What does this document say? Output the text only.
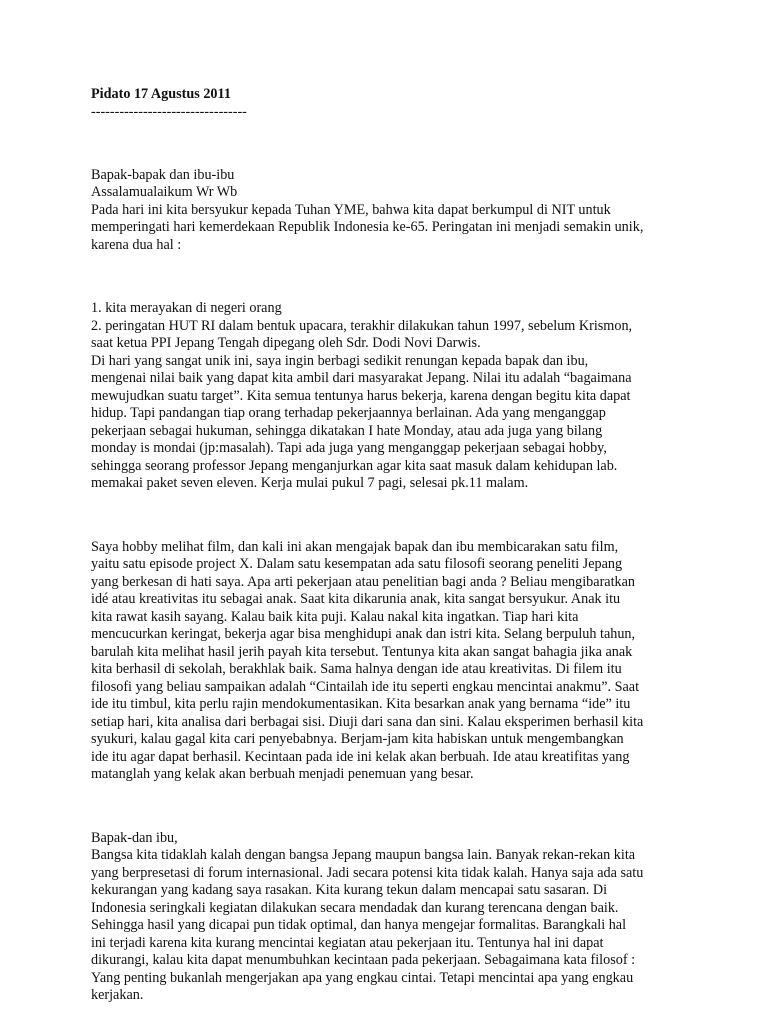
Pidato 17 Agustus 2011

---------------------------------

Bapak-bapak dan ibu-ibu

Assalamualaikum Wr Wb

Pada hari ini kita bersyukur kepada Tuhan YME, bahwa kita dapat berkumpul di NIT untuk

memperingati hari kemerdekaan Republik Indonesia ke-65. Peringatan ini menjadi semakin unik,

karena dua hal :

1. kita merayakan di negeri orang

2. peringatan HUT RI dalam bentuk upacara, terakhir dilakukan tahun 1997, sebelum Krismon,

saat ketua PPI Jepang Tengah dipegang oleh Sdr. Dodi Novi Darwis.

Di hari yang sangat unik ini, saya ingin berbagi sedikit renungan kepada bapak dan ibu,

mengenai nilai baik yang dapat kita ambil dari masyarakat Jepang. Nilai itu adalah “bagaimana

mewujudkan suatu target”. Kita semua tentunya harus bekerja, karena dengan begitu kita dapat

hidup. Tapi pandangan tiap orang terhadap pekerjaannya berlainan. Ada yang menganggap

pekerjaan sebagai hukuman, sehingga dikatakan I hate Monday, atau ada juga yang bilang

monday is mondai (jp:masalah). Tapi ada juga yang menganggap pekerjaan sebagai hobby,

sehingga seorang professor Jepang menganjurkan agar kita saat masuk dalam kehidupan lab.

memakai paket seven eleven. Kerja mulai pukul 7 pagi, selesai pk.11 malam.

Saya hobby melihat film, dan kali ini akan mengajak bapak dan ibu membicarakan satu film,

yaitu satu episode project X. Dalam satu kesempatan ada satu filosofi seorang peneliti Jepang

yang berkesan di hati saya. Apa arti pekerjaan atau penelitian bagi anda ? Beliau mengibaratkan

idé atau kreativitas itu sebagai anak. Saat kita dikarunia anak, kita sangat bersyukur. Anak itu

kita rawat kasih sayang. Kalau baik kita puji. Kalau nakal kita ingatkan. Tiap hari kita

mencucurkan keringat, bekerja agar bisa menghidupi anak dan istri kita. Selang berpuluh tahun,

barulah kita melihat hasil jerih payah kita tersebut. Tentunya kita akan sangat bahagia jika anak

kita berhasil di sekolah, berakhlak baik. Sama halnya dengan ide atau kreativitas. Di filem itu

filosofi yang beliau sampaikan adalah “Cintailah ide itu seperti engkau mencintai anakmu”. Saat

ide itu timbul, kita perlu rajin mendokumentasikan. Kita besarkan anak yang bernama “ide” itu

setiap hari, kita analisa dari berbagai sisi. Diuji dari sana dan sini. Kalau eksperimen berhasil kita

syukuri, kalau gagal kita cari penyebabnya. Berjam-jam kita habiskan untuk mengembangkan

ide itu agar dapat berhasil. Kecintaan pada ide ini kelak akan berbuah. Ide atau kreatifitas yang

matanglah yang kelak akan berbuah menjadi penemuan yang besar.

Bapak-dan ibu,

Bangsa kita tidaklah kalah dengan bangsa Jepang maupun bangsa lain. Banyak rekan-rekan kita

yang berpresetasi di forum internasional. Jadi secara potensi kita tidak kalah. Hanya saja ada satu

kekurangan yang kadang saya rasakan. Kita kurang tekun dalam mencapai satu sasaran. Di

Indonesia seringkali kegiatan dilakukan secara mendadak dan kurang terencana dengan baik.

Sehingga hasil yang dicapai pun tidak optimal, dan hanya mengejar formalitas. Barangkali hal

ini terjadi karena kita kurang mencintai kegiatan atau pekerjaan itu. Tentunya hal ini dapat

dikurangi, kalau kita dapat menumbuhkan kecintaan pada pekerjaan. Sebagaimana kata filosof :

Yang penting bukanlah mengerjakan apa yang engkau cintai. Tetapi mencintai apa yang engkau

kerjakan.
